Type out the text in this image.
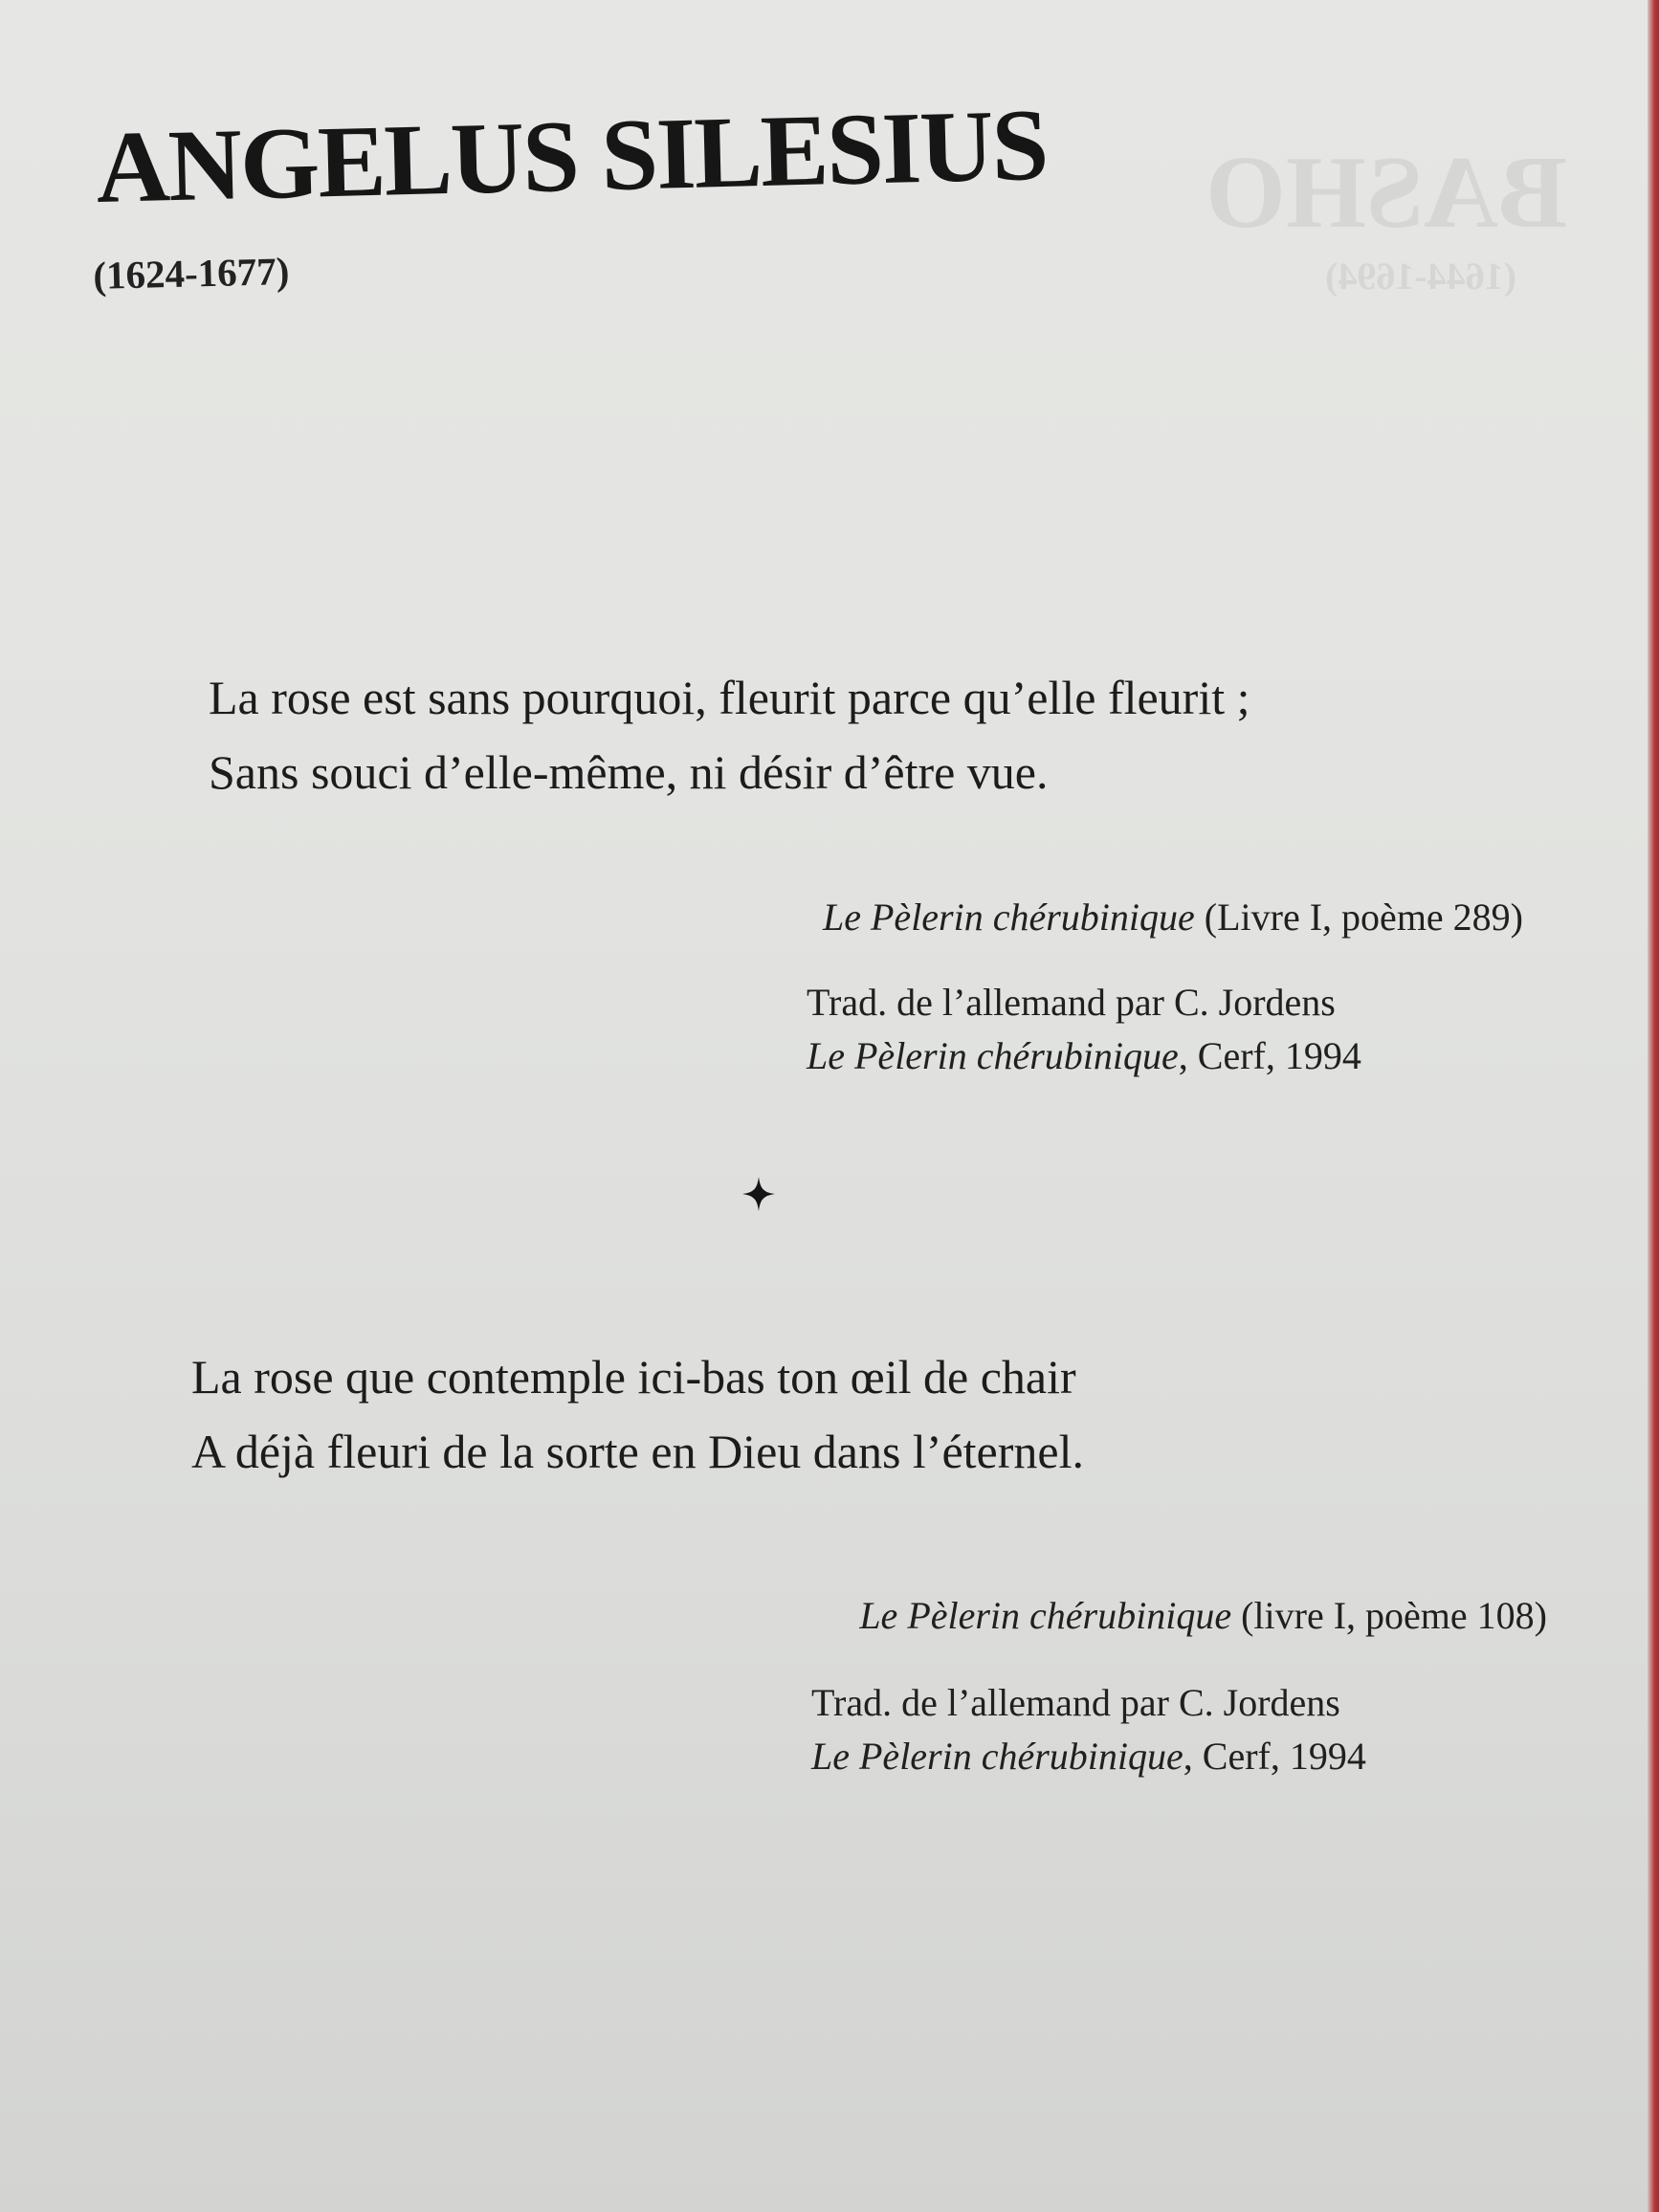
BASHO
(1644-1694)
ANGELUS SILESIUS
(1624-1677)
La rose est sans pourquoi, fleurit parce qu’elle fleurit ;
Sans souci d’elle-même, ni désir d’être vue.
Le Pèlerin chérubinique (Livre I, poème 289)
Trad. de l’allemand par C. Jordens
Le Pèlerin chérubinique, Cerf, 1994
La rose que contemple ici-bas ton œil de chair
A déjà fleuri de la sorte en Dieu dans l’éternel.
Le Pèlerin chérubinique (livre I, poème 108)
Trad. de l’allemand par C. Jordens
Le Pèlerin chérubinique, Cerf, 1994
